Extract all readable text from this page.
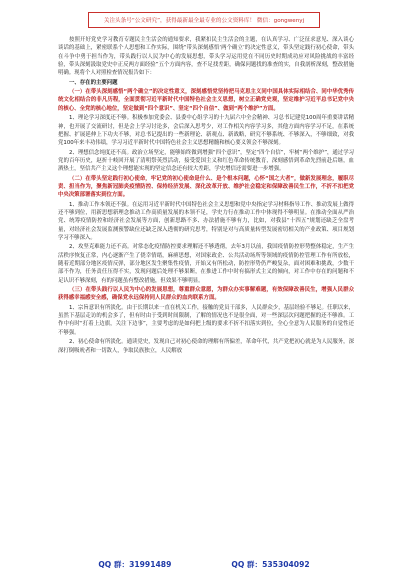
关注头条号“公文研究”，获得最新最全最专业的公文资料库！ 微信：gongwenyj

按照开好党史学习教育专题民主生活会的通知要求，我紧扣民主生活会的主题，在认真学习、广泛征求意见、深入谈心谈话的基础上，紧密联系个人思想和工作实际，围绕“带头深刻感悟‘两个确立’的决定性意义，带头坚定践行初心使命，带头在斗争中勇于担当作为，带头践行以人民为中心的发展思想，带头学习运用党在不同历史时期成功应对风险挑战的丰富经验，带头深刻汲取党史中正反两方面经验”五个方面内容，查不足找差距，确保问题找的准查的实，自我剖析深刻，整改措施明确。现将个人对照检查情况报告如下：

一、存在的主要问题

（一）在带头深刻感悟“两个确立”的决定性意义，深刻感悟党坚持把马克思主义同中国具体实际相结合、同中华优秀传统文化相结合的非凡历程，全面贯彻习近平新时代中国特色社会主义思想，树立正确党史观，坚定维护习近平总书记党中央的核心、全党的核心地位，坚定做到“四个意识”、坚定“四个自信”、做到“两个维护”方面。

1、理论学习深度还不够。积极参加党委会、县委中心组学习的十九届六中全会精神、习总书记建党100周年重要讲话精神，也开展了交流研讨，但是会上学习讨论多，会后深入思考少，对工作相关内容学习多，其他方面内容学习不足，在系统把握、扩展延伸上下功夫不够，对总书记提出的一些新理论、新观点、新战略，研究不够系统、不够深入，不够细致，对我党100年来丰功伟绩，学习习近平新时代中国特色社会主义思想精髓和核心要义领会不够深刻。

2、理想信念纯度还不高。政治立场坚定，能够始终做到增强“四个意识”，坚定“四个自信”，牢树“两个维护”，通过学习党的百年历史，赵折十岐回开展了清明祭英烈活动，接受爱国主义和红色革命传统教育，深刻感悟到革命先烈前赴后继，血洒热土，坚信共产主义这个理想能实现的坚定信念还有较大差距，学史增信还需要进一步增强。

（二）在带头坚定践行初心使命，牢记党的初心使命是什么、是个根本问题，心怀“国之大者”，做新发展理念，履职尽责、担当作为，聚焦新冠肺炎疫情防控、保持经济发展、深化改革开放、维护社会稳定和保障改善民生工作，不折不扣把党中央决策部署落实到位方面。

1、推动工作本领还不强。在运用习近平新时代中国特色社会主义思想和党中央指定学习材料指导工作、推动发展上做得还不够到位，用新思想新理念推动工作高质量发展的本领不足，学史力行在推动工作中体现得不够明显。在推动全面从严治党、统筹疫情防控和经济社会发展等方面，创新思路不多、办法措施不够有力，比如，对我县“十四五”规划还缺乏全盘考量，对经济社会发展监测预警缺位还缺乏深入透彻的研究思考，特别是对与高质量转型发展密切相关的产业政策、项目规划学习不够深入。

2、攻坚克难能力还不高。对常态化疫情防控要求理解还不够透彻，去年3月以前，我国疫情防控形势整体稳定，生产生活秩序恢复正常，内心逐渐产生了侥幸情绪，麻痹思想，对国家政企、公共活动场所等领域的疫情防控管理工作有所放松，随着近期部分地区疫情反弹，部分地区发生聚集性疫情，开始又有所松动，防控形势仍严峻复杂，面对困难和挑战，少数干部不作为，任务责任压得不实，发现问题后处理不够果断，在推进工作中时有搞形式主义的倾向，对工作中存在的问题和不足认识不够深刻，有的问题虽有整改措施，但效果不够明显。

（三）在带头践行以人民为中心的发展思想，尊重群众意愿，为群众办实事解难题，有效保障改善民生，增强人民群众获得感幸福感安全感，确保党永远保持同人民群众的血肉联系方面。

1、宗旨意识有所淡化。由于长期以来一直在机关工作，接触的党员干部多，人民群众少，基层经验不够足。任职以来，虽然下基层走访的机会多了，但有时由于受到时间限制，了解的情况也不是很全面，对一些深层次问题把握的还不够准。工作中有时“打着上边旗，关注下边事”，主要考虑的是如何把上级的要求不折不扣落实到位，全心全意为人民服务的自觉性还不够强。

2、初心使命有所淡化。通读党史，发现自己对初心使命的理解有所偏差，革命年代，共产党把初心就是为人民服务，深深打倒吸吮者和一切敌人，争取民族独立，人民解放

QQ 群：31991489	QQ 群：535304092
